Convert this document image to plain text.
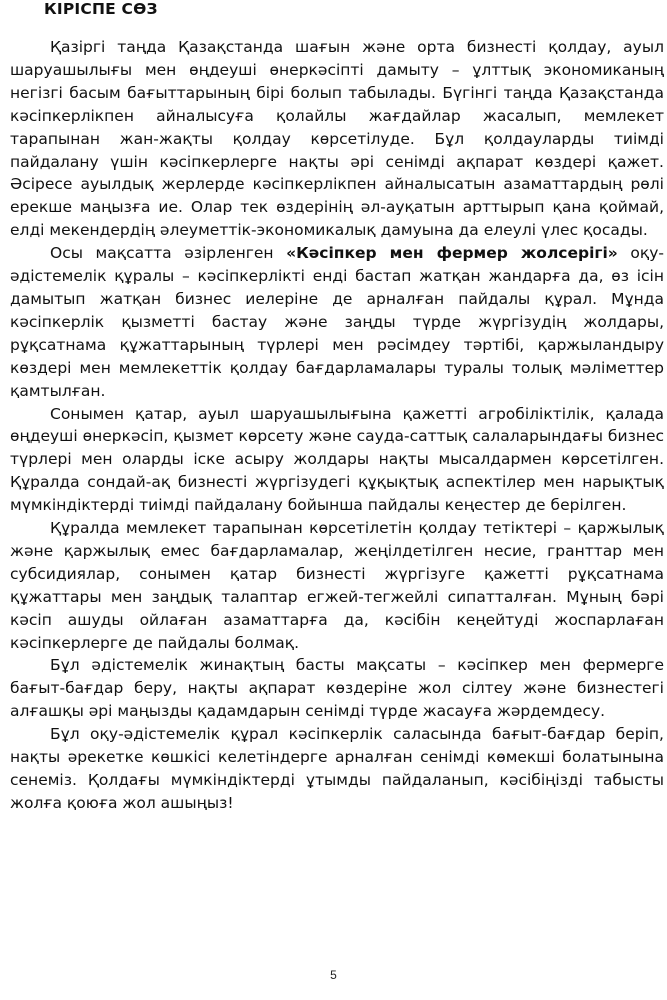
КІРІСПЕ СӨЗ

Қазіргі таңда Қазақстанда шағын және орта бизнесті қолдау, ауыл шаруашылығы мен өңдеуші өнеркәсіпті дамыту – ұлттық экономиканың негізгі басым бағыттарының бірі болып табылады. Бүгінгі таңда Қазақстанда кәсіпкерлікпен айналысуға қолайлы жағдайлар жасалып, мемлекет тарапынан жан-жақты қолдау көрсетілуде. Бұл қолдауларды тиімді пайдалану үшін кәсіпкерлерге нақты әрі сенімді ақпарат көздері қажет. Әсіресе ауылдық жерлерде кәсіпкерлікпен айналысатын азаматтардың рөлі ерекше маңызға ие. Олар тек өздерінің әл-ауқатын арттырып қана қоймай, елді мекендердің әлеуметтік-экономикалық дамуына да елеулі үлес қосады.

Осы мақсатта әзірленген «Кәсіпкер мен фермер жолсерігі» оқу-әдістемелік құралы – кәсіпкерлікті енді бастап жатқан жандарға да, өз ісін дамытып жатқан бизнес иелеріне де арналған пайдалы құрал. Мұнда кәсіпкерлік қызметті бастау және заңды түрде жүргізудің жолдары, рұқсатнама құжаттарының түрлері мен рәсімдеу тәртібі, қаржыландыру көздері мен мемлекеттік қолдау бағдарламалары туралы толық мәліметтер қамтылған.

Сонымен қатар, ауыл шаруашылығына қажетті агробіліктілік, қалада өңдеуші өнеркәсіп, қызмет көрсету және сауда-саттық салаларындағы бизнес түрлері мен оларды іске асыру жолдары нақты мысалдармен көрсетілген. Құралда сондай-ақ бизнесті жүргізудегі құқықтық аспектілер мен нарықтық мүмкіндіктерді тиімді пайдалану бойынша пайдалы кеңестер де берілген.

Құралда мемлекет тарапынан көрсетілетін қолдау тетіктері – қаржылық және қаржылық емес бағдарламалар, жеңілдетілген несие, гранттар мен субсидиялар, сонымен қатар бизнесті жүргізуге қажетті рұқсатнама құжаттары мен заңдық талаптар егжей-тегжейлі сипатталған. Мұның бәрі кәсіп ашуды ойлаған азаматтарға да, кәсібін кеңейтуді жоспарлаған кәсіпкерлерге де пайдалы болмақ.

Бұл әдістемелік жинақтың басты мақсаты – кәсіпкер мен фермерге бағыт-бағдар беру, нақты ақпарат көздеріне жол сілтеу және бизнестегі алғашқы әрі маңызды қадамдарын сенімді түрде жасауға жәрдемдесу.

Бұл оқу-әдістемелік құрал кәсіпкерлік саласында бағыт-бағдар беріп, нақты әрекетке көшкісі келетіндерге арналған сенімді көмекші болатынына сенеміз. Қолдағы мүмкіндіктерді ұтымды пайдаланып, кәсібіңізді табысты жолға қоюға жол ашыңыз!

5
